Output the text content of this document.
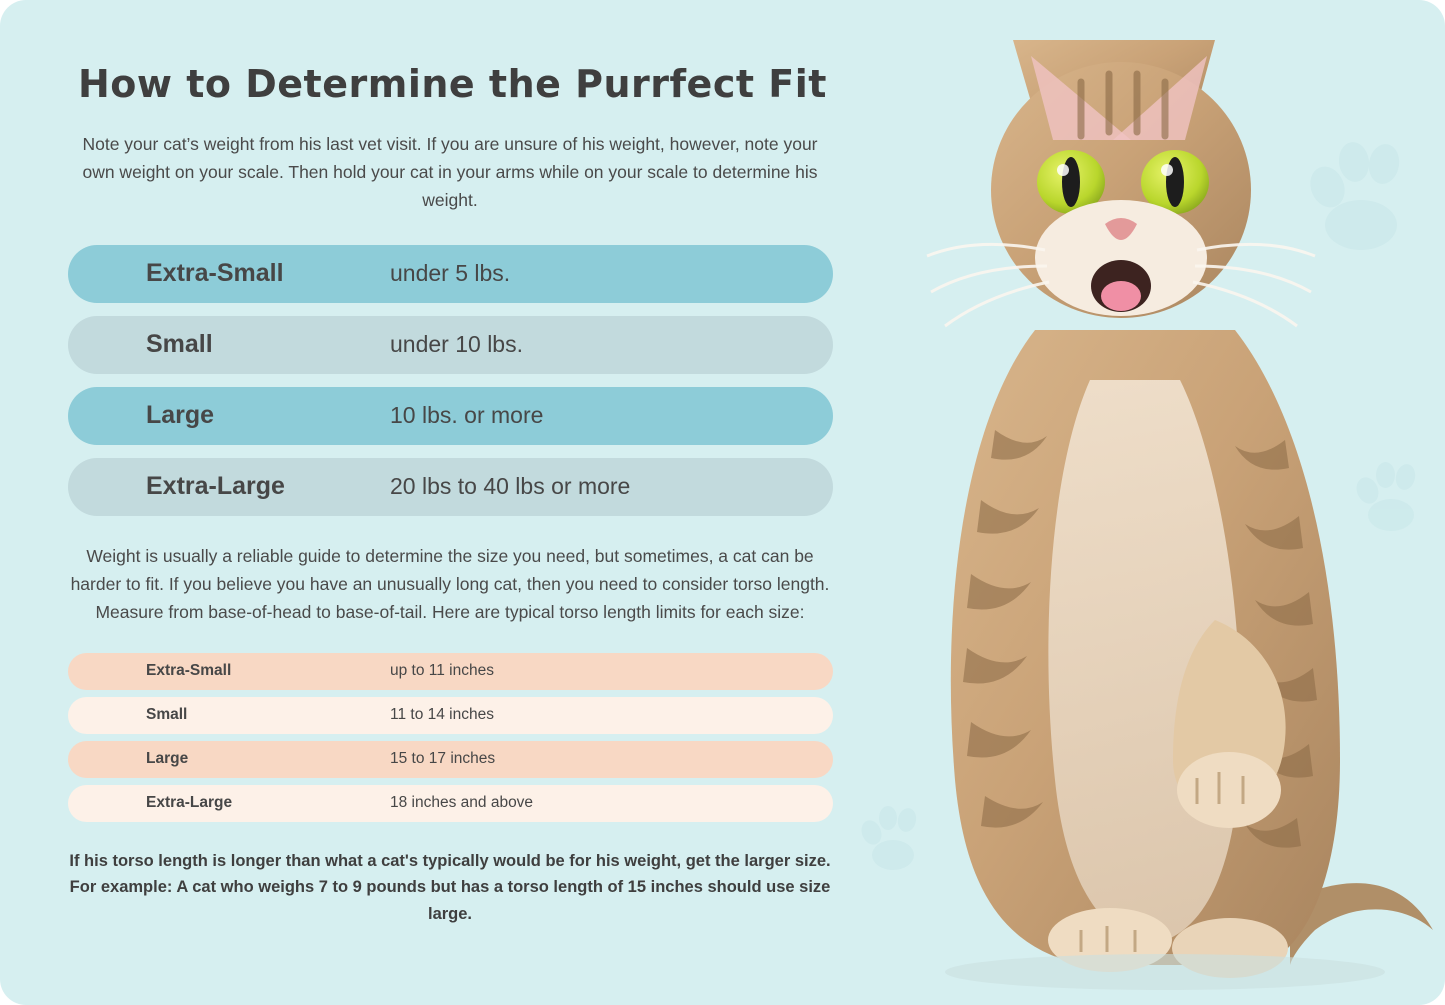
How to Determine the Purrfect Fit

Note your cat’s weight from his last vet visit. If you are unsure of his weight, however, note your own weight on your scale. Then hold your cat in your arms while on your scale to determine his weight.

Extra-Small	under 5 lbs.
Small	under 10 lbs.
Large	10 lbs. or more
Extra-Large	20 lbs to 40 lbs or more

Weight is usually a reliable guide to determine the size you need, but sometimes, a cat can be harder to fit. If you believe you have an unusually long cat, then you need to consider torso length. Measure from base-of-head to base-of-tail. Here are typical torso length limits for each size:

Extra-Small	up to 11 inches
Small	11 to 14 inches
Large	15 to 17 inches
Extra-Large	18 inches and above

If his torso length is longer than what a cat's typically would be for his weight, get the larger size. For example: A cat who weighs 7 to 9 pounds but has a torso length of 15 inches should use size large.
